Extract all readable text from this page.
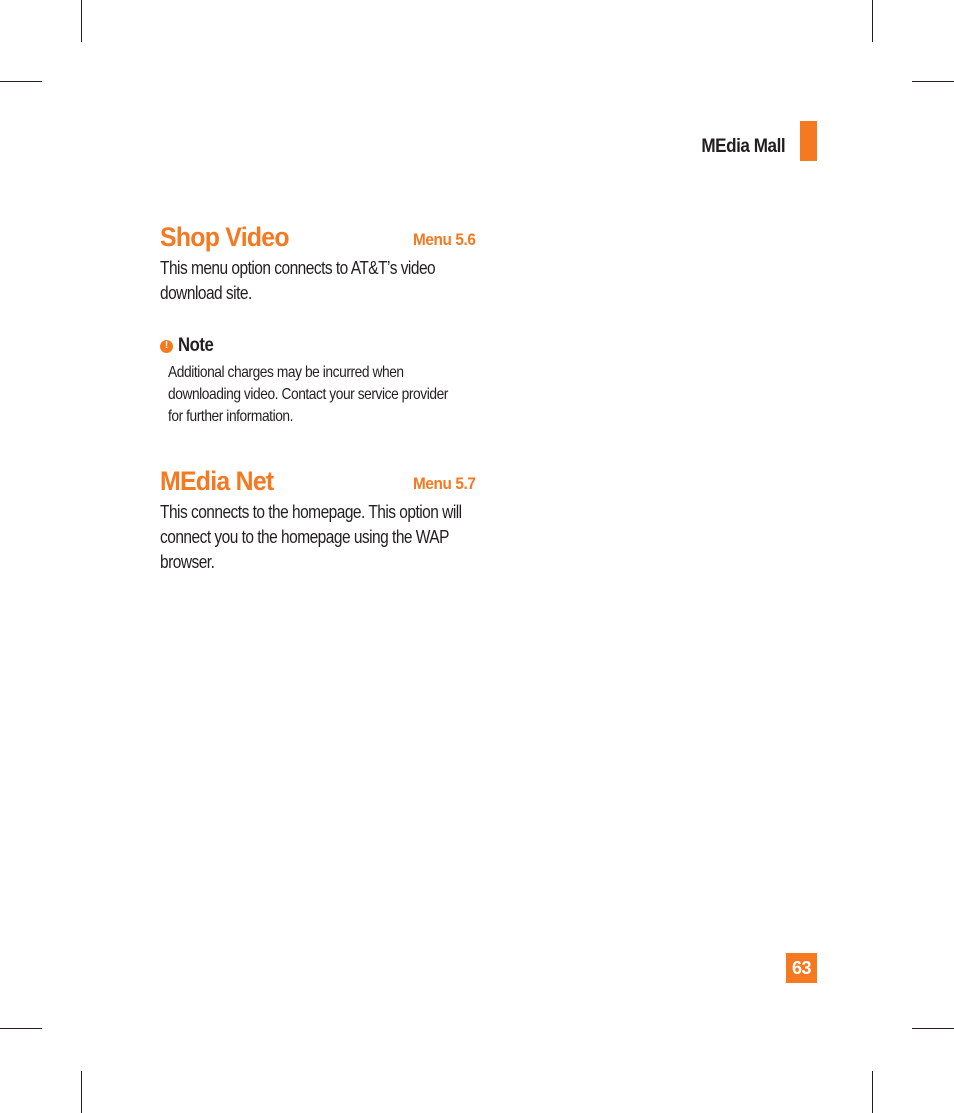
MEdia Mall
Shop Video	Menu 5.6

This menu option connects to AT&T’s video download site.

! Note

Additional charges may be incurred when downloading video. Contact your service provider for further information.

MEdia Net	Menu 5.7

This connects to the homepage. This option will connect you to the homepage using the WAP browser.

63
